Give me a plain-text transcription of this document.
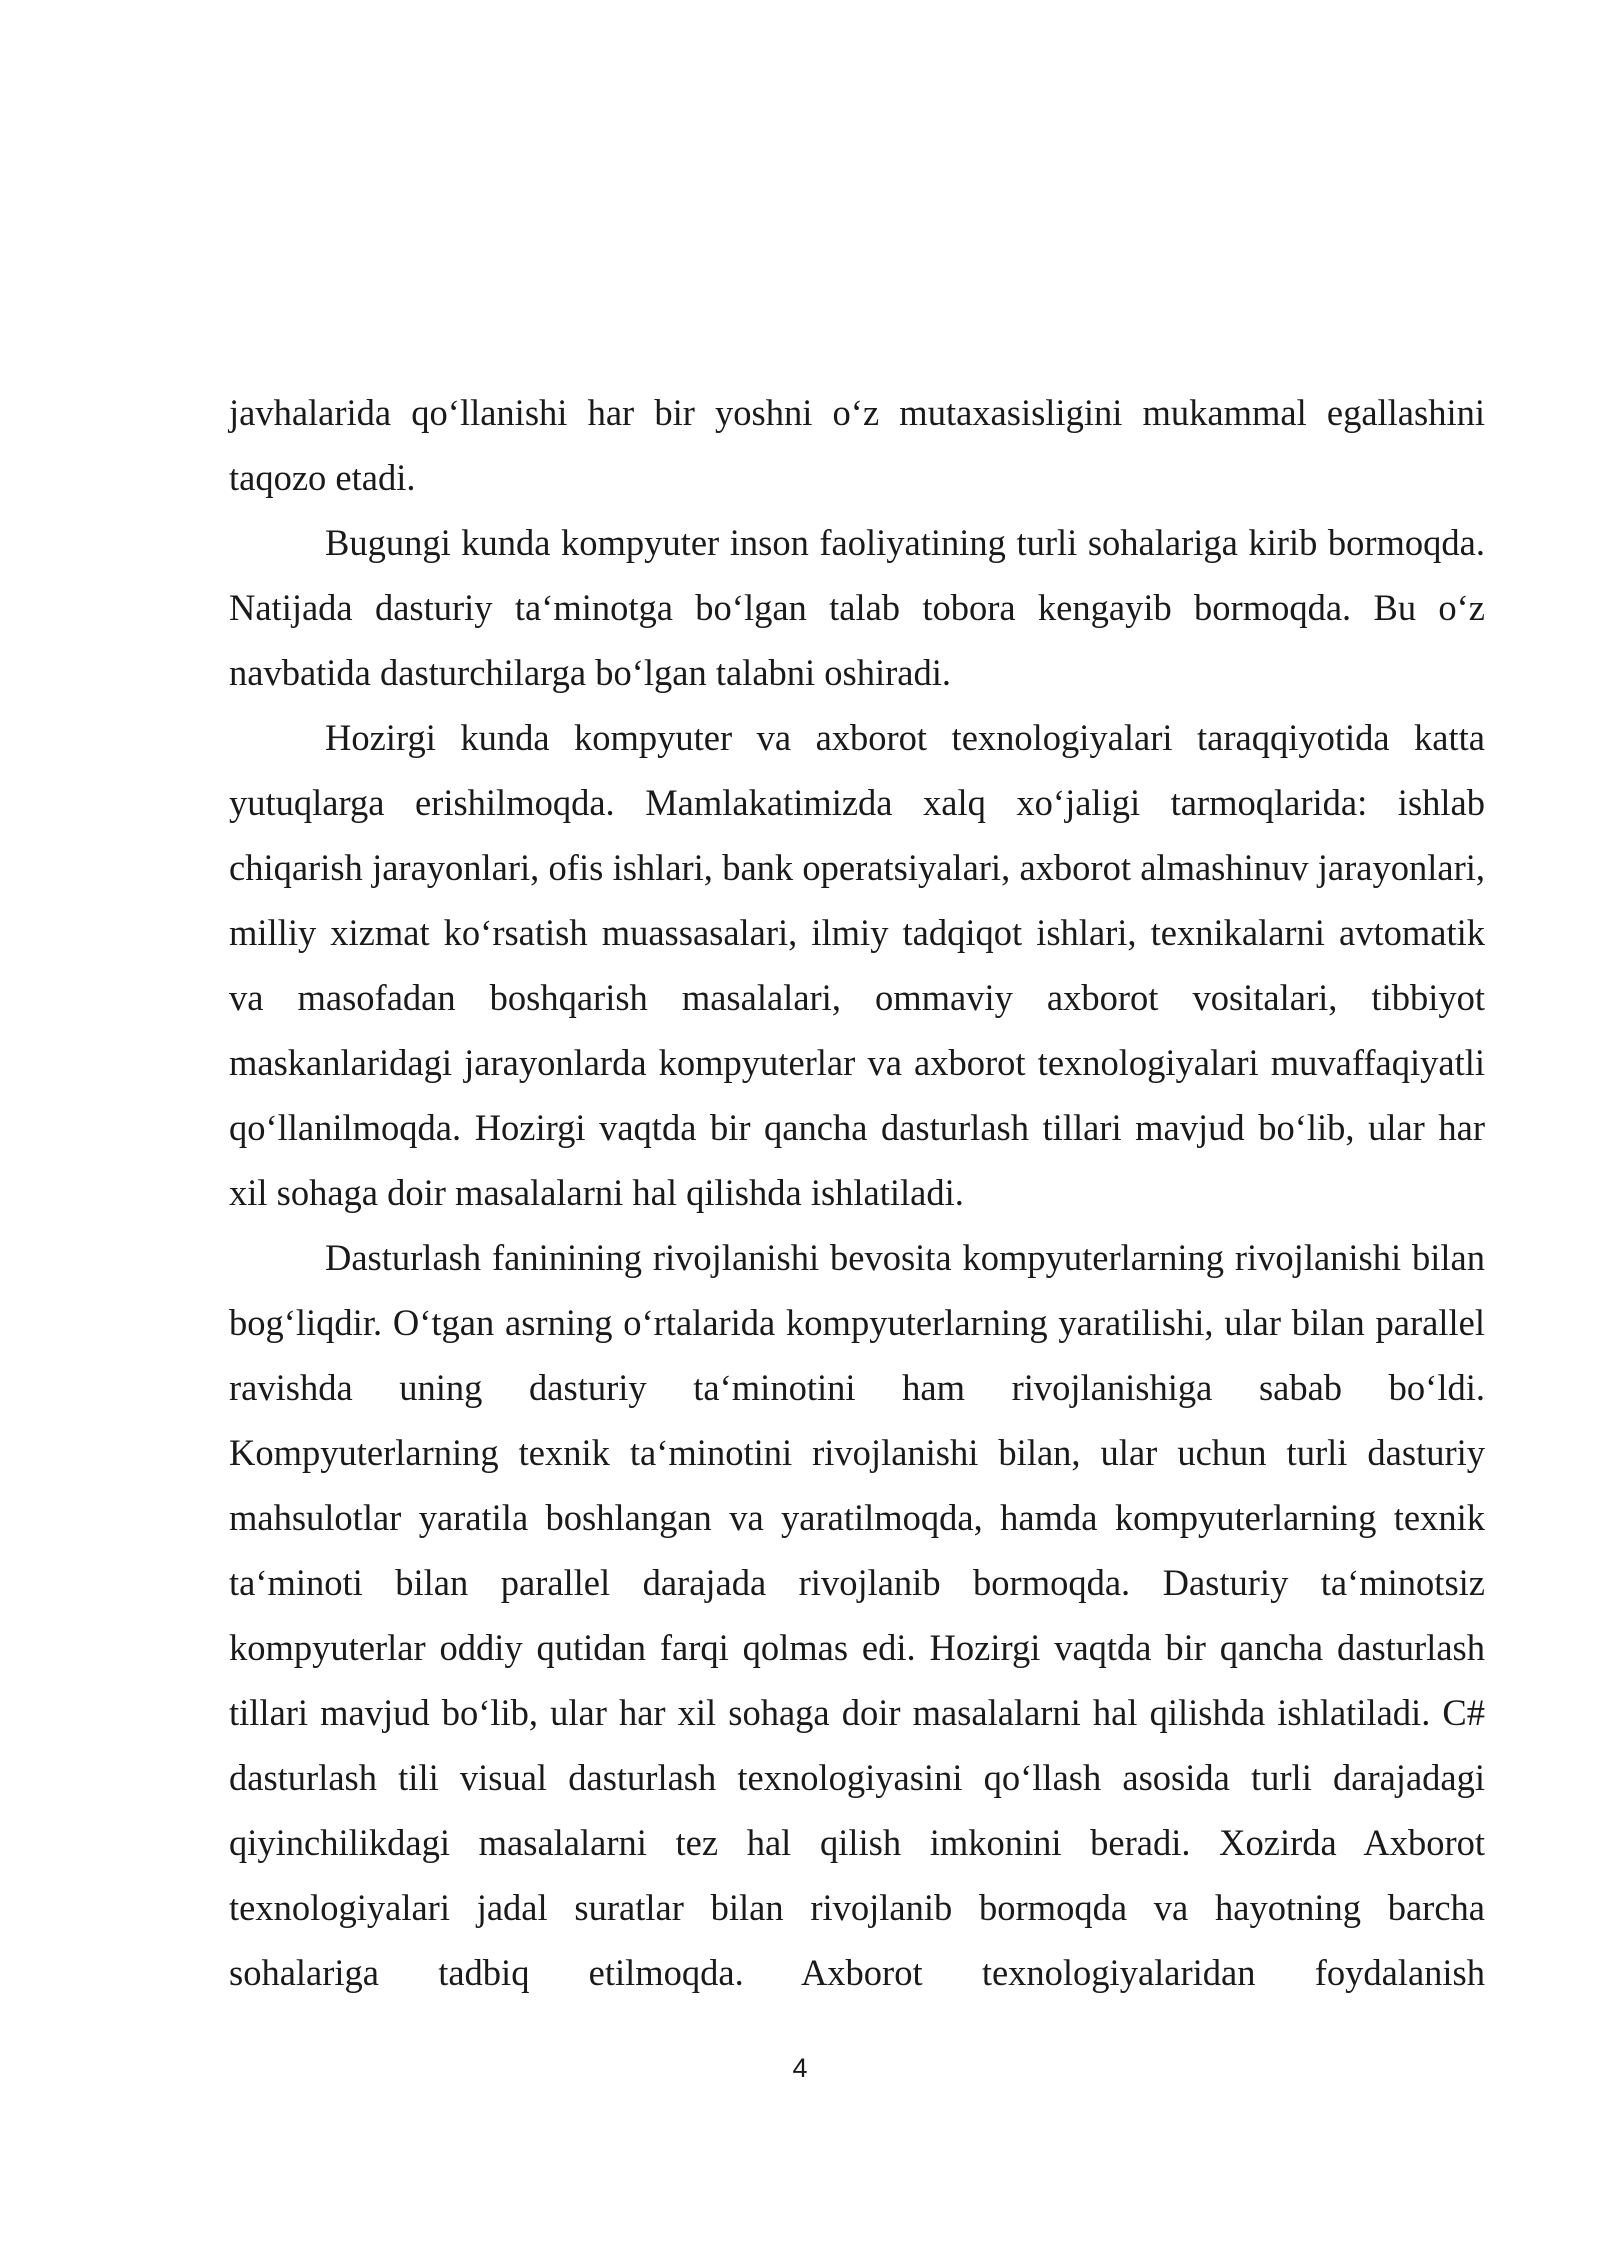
javhalarida qo‘llanishi har bir yoshni o‘z mutaxasisligini mukammal egallashini taqozo etadi.

Bugungi kunda kompyuter inson faoliyatining turli sohalariga kirib bormoqda. Natijada dasturiy ta‘minotga bo‘lgan talab tobora kengayib bormoqda. Bu o‘z navbatida dasturchilarga bo‘lgan talabni oshiradi.

Hozirgi kunda kompyuter va axborot texnologiyalari taraqqiyotida katta yutuqlarga erishilmoqda. Mamlakatimizda xalq xo‘jaligi tarmoqlarida: ishlab chiqarish jarayonlari, ofis ishlari, bank operatsiyalari, axborot almashinuv jarayonlari, milliy xizmat ko‘rsatish muassasalari, ilmiy tadqiqot ishlari, texnikalarni avtomatik va masofadan boshqarish masalalari, ommaviy axborot vositalari, tibbiyot maskanlaridagi jarayonlarda kompyuterlar va axborot texnologiyalari muvaffaqiyatli qo‘llanilmoqda. Hozirgi vaqtda bir qancha dasturlash tillari mavjud bo‘lib, ular har xil sohaga doir masalalarni hal qilishda ishlatiladi.

Dasturlash faninining rivojlanishi bevosita kompyuterlarning rivojlanishi bilan bog‘liqdir. O‘tgan asrning o‘rtalarida kompyuterlarning yaratilishi, ular bilan parallel ravishda uning dasturiy ta‘minotini ham rivojlanishiga sabab bo‘ldi. Kompyuterlarning texnik ta‘minotini rivojlanishi bilan, ular uchun turli dasturiy mahsulotlar yaratila boshlangan va yaratilmoqda, hamda kompyuterlarning texnik ta‘minoti bilan parallel darajada rivojlanib bormoqda. Dasturiy ta‘minotsiz kompyuterlar oddiy qutidan farqi qolmas edi. Hozirgi vaqtda bir qancha dasturlash tillari mavjud bo‘lib, ular har xil sohaga doir masalalarni hal qilishda ishlatiladi. C# dasturlash tili visual dasturlash texnologiyasini qo‘llash asosida turli darajadagi qiyinchilikdagi masalalarni tez hal qilish imkonini beradi. Xozirda Axborot texnologiyalari jadal suratlar bilan rivojlanib bormoqda va hayotning barcha sohalariga tadbiq etilmoqda. Axborot texnologiyalaridan foydalanish

4
